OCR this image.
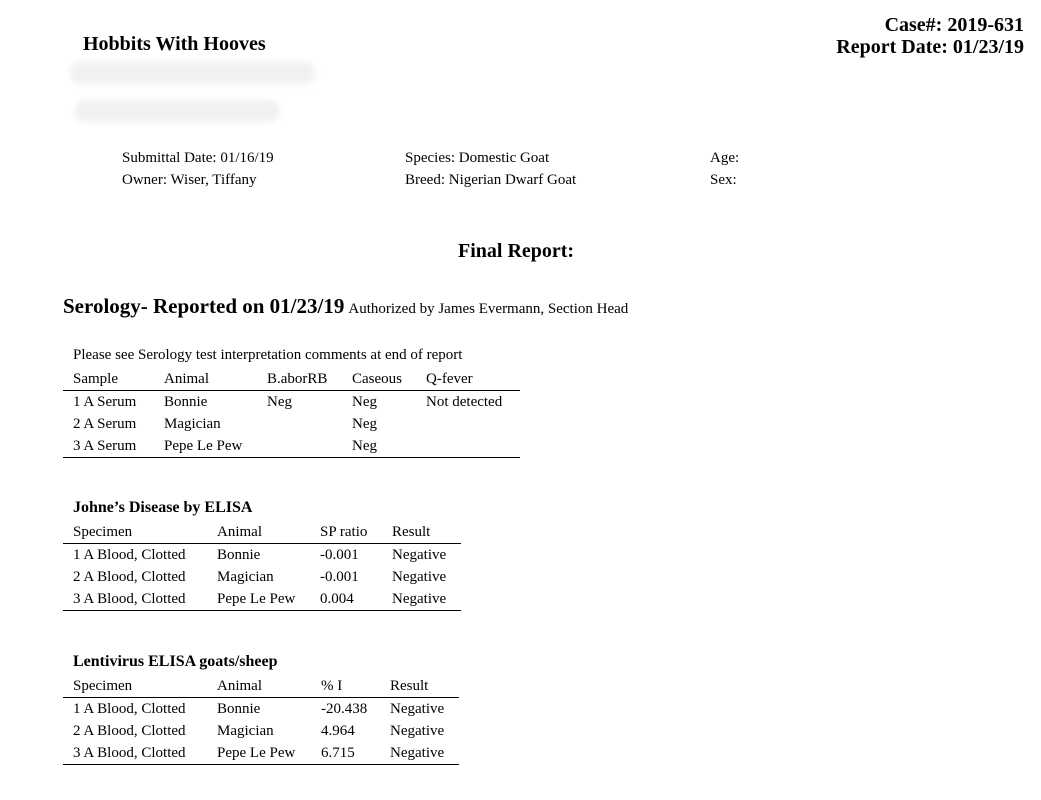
Hobbits With Hooves
Case#: 2019-631
Report Date: 01/23/19
Submittal Date: 01/16/19
Owner: Wiser, Tiffany
Species: Domestic Goat
Breed: Nigerian Dwarf Goat
Age:
Sex:
Final Report:
Serology- Reported on 01/23/19 Authorized by James Evermann, Section Head
Please see Serology test interpretation comments at end of report
Sample	Animal	B.aborRB	Caseous	Q-fever
1 A Serum	Bonnie	Neg	Neg	Not detected
2 A Serum	Magician		Neg	
3 A Serum	Pepe Le Pew		Neg	
Johne’s Disease by ELISA
Specimen	Animal	SP ratio	Result
1 A Blood, Clotted	Bonnie	-0.001	Negative
2 A Blood, Clotted	Magician	-0.001	Negative
3 A Blood, Clotted	Pepe Le Pew	0.004	Negative
Lentivirus ELISA goats/sheep
Specimen	Animal	% I	Result
1 A Blood, Clotted	Bonnie	-20.438	Negative
2 A Blood, Clotted	Magician	4.964	Negative
3 A Blood, Clotted	Pepe Le Pew	6.715	Negative
